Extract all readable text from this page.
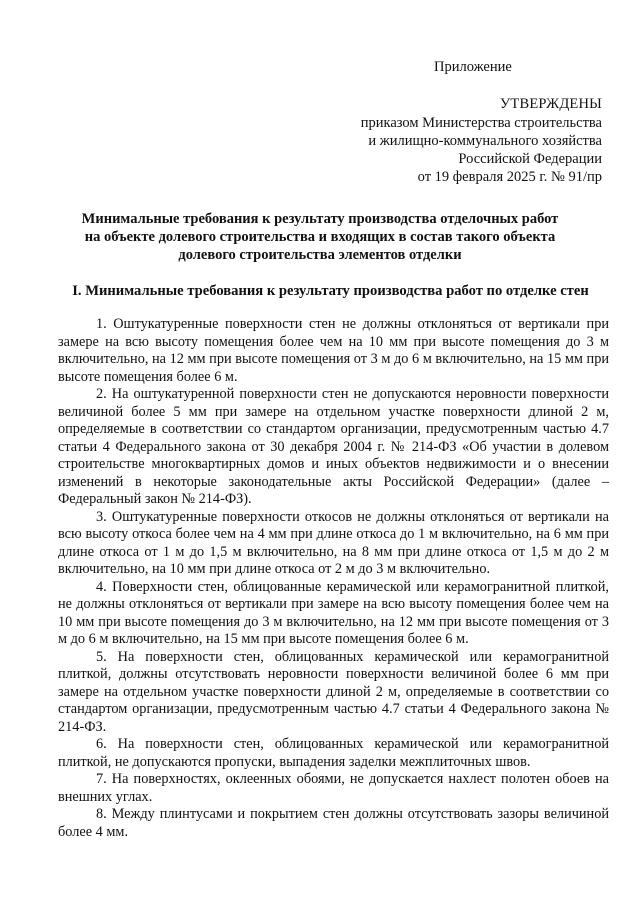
Приложение
УТВЕРЖДЕНЫ
приказом Министерства строительства
и жилищно-коммунального хозяйства
Российской Федерации
от 19 февраля 2025 г. № 91/пр
Минимальные требования к результату производства отделочных работ
на объекте долевого строительства и входящих в состав такого объекта
долевого строительства элементов отделки
I. Минимальные требования к результату производства работ по отделке стен

1. Оштукатуренные поверхности стен не должны отклоняться от вертикали при замере на всю высоту помещения более чем на 10 мм при высоте помещения до 3 м включительно, на 12 мм при высоте помещения от 3 м до 6 м включительно, на 15 мм при высоте помещения более 6 м.

2. На оштукатуренной поверхности стен не допускаются неровности поверхности величиной более 5 мм при замере на отдельном участке поверхности длиной 2 м, определяемые в соответствии со стандартом организации, предусмотренным частью 4.7 статьи 4 Федерального закона от 30 декабря 2004 г. № 214-ФЗ «Об участии в долевом строительстве многоквартирных домов и иных объектов недвижимости и о внесении изменений в некоторые законодательные акты Российской Федерации» (далее – Федеральный закон № 214-ФЗ).

3. Оштукатуренные поверхности откосов не должны отклоняться от вертикали на всю высоту откоса более чем на 4 мм при длине откоса до 1 м включительно, на 6 мм при длине откоса от 1 м до 1,5 м включительно, на 8 мм при длине откоса от 1,5 м до 2 м включительно, на 10 мм при длине откоса от 2 м до 3 м включительно.

4. Поверхности стен, облицованные керамической или керамогранитной плиткой, не должны отклоняться от вертикали при замере на всю высоту помещения более чем на 10 мм при высоте помещения до 3 м включительно, на 12 мм при высоте помещения от 3 м до 6 м включительно, на 15 мм при высоте помещения более 6 м.

5. На поверхности стен, облицованных керамической или керамогранитной плиткой, должны отсутствовать неровности поверхности величиной более 6 мм при замере на отдельном участке поверхности длиной 2 м, определяемые в соответствии со стандартом организации, предусмотренным частью 4.7 статьи 4 Федерального закона № 214-ФЗ.

6. На поверхности стен, облицованных керамической или керамогранитной плиткой, не допускаются пропуски, выпадения заделки межплиточных швов.

7. На поверхностях, оклеенных обоями, не допускается нахлест полотен обоев на внешних углах.

8. Между плинтусами и покрытием стен должны отсутствовать зазоры величиной более 4 мм.
